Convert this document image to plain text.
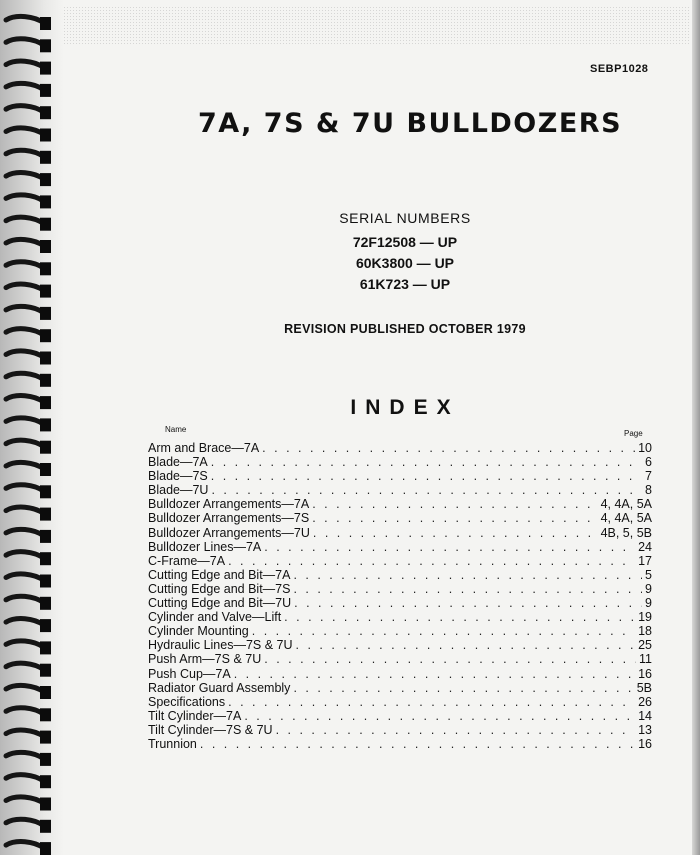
SEBP1028
7A, 7S & 7U BULLDOZERS
SERIAL NUMBERS
72F12508 — UP
60K3800 — UP
61K723 — UP
REVISION PUBLISHED OCTOBER 1979
INDEX
Name	Page
Arm and Brace—7A . . .	10
Blade—7A . . .	6
Blade—7S . . .	7
Blade—7U . . .	8
Bulldozer Arrangements—7A . . .	4, 4A, 5A
Bulldozer Arrangements—7S . . .	4, 4A, 5A
Bulldozer Arrangements—7U . . .	4B, 5, 5B
Bulldozer Lines—7A . . .	24
C-Frame—7A . . .	17
Cutting Edge and Bit—7A . . .	5
Cutting Edge and Bit—7S . . .	9
Cutting Edge and Bit—7U . . .	9
Cylinder and Valve—Lift . . .	19
Cylinder Mounting . . .	18
Hydraulic Lines—7S & 7U . . .	25
Push Arm—7S & 7U . . .	11
Push Cup—7A . . .	16
Radiator Guard Assembly . . .	5B
Specifications . . .	26
Tilt Cylinder—7A . . .	14
Tilt Cylinder—7S & 7U . . .	13
Trunnion . . .	16
